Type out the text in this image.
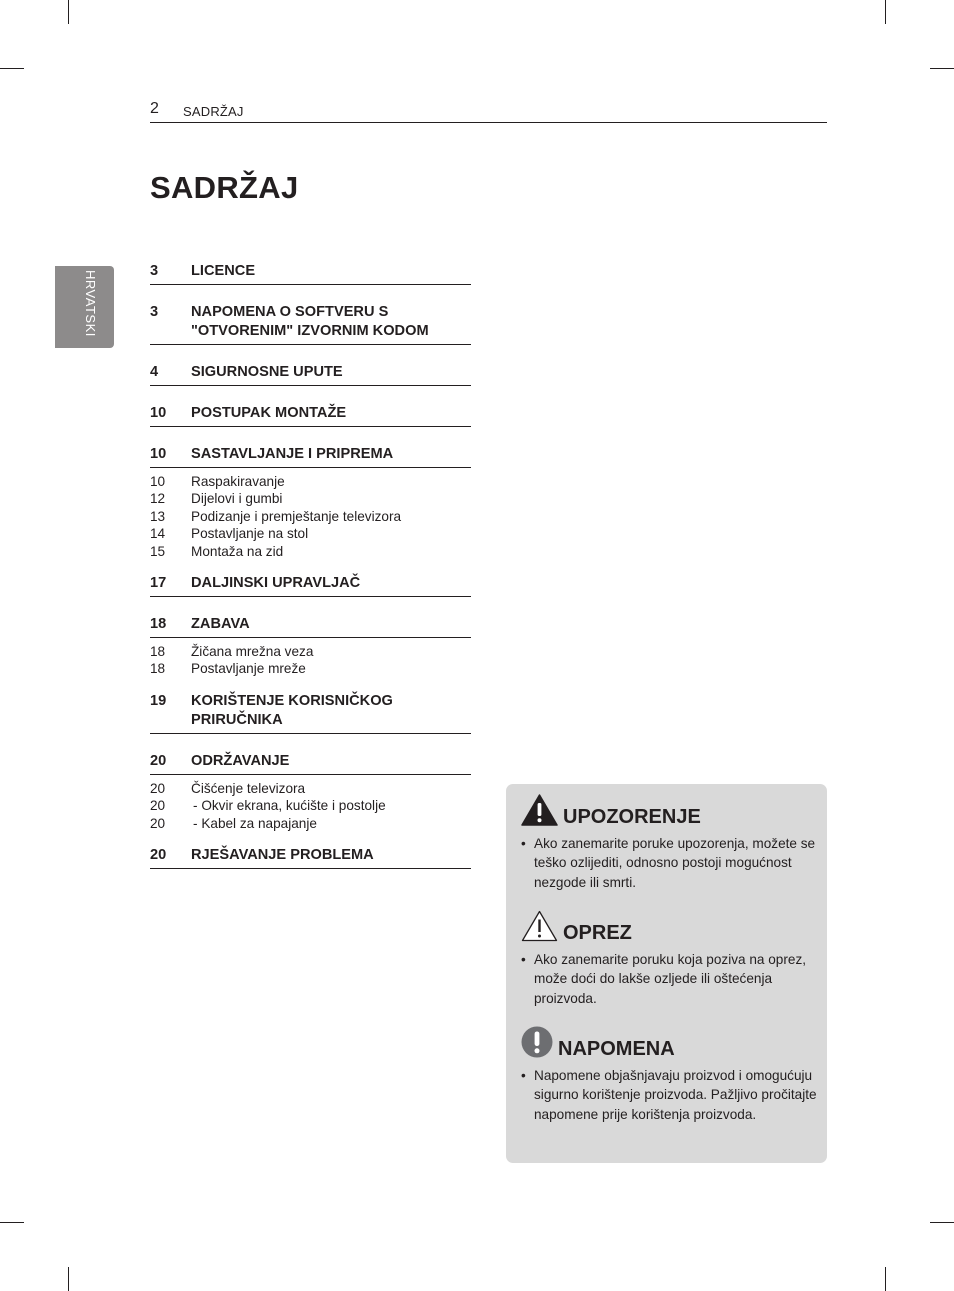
2 SADRŽAJ
SADRŽAJ
HRVATSKI	3	LICENCE
3	NAPOMENA O SOFTVERU S "OTVORENIM" IZVORNIM KODOM
4	SIGURNOSNE UPUTE
10	POSTUPAK MONTAŽE
10	SASTAVLJANJE I PRIPREMA
10	Raspakiravanje
12	Dijelovi i gumbi
13	Podizanje i premještanje televizora
14	Postavljanje na stol
15	Montaža na zid
17	DALJINSKI UPRAVLJAČ
18	ZABAVA
18	Žičana mrežna veza
18	Postavljanje mreže
19	KORIŠTENJE KORISNIČKOG PRIRUČNIKA
20	ODRŽAVANJE
20	Čišćenje televizora
20	- Okvir ekrana, kućište i postolje
20	- Kabel za napajanje
20	RJEŠAVANJE PROBLEMA
UPOZORENJE
• Ako zanemarite poruke upozorenja, možete se teško ozlijediti, odnosno postoji mogućnost nezgode ili smrti.
OPREZ
• Ako zanemarite poruku koja poziva na oprez, može doći do lakše ozljede ili oštećenja proizvoda.
NAPOMENA
• Napomene objašnjavaju proizvod i omogućuju sigurno korištenje proizvoda. Pažljivo pročitajte napomene prije korištenja proizvoda.
